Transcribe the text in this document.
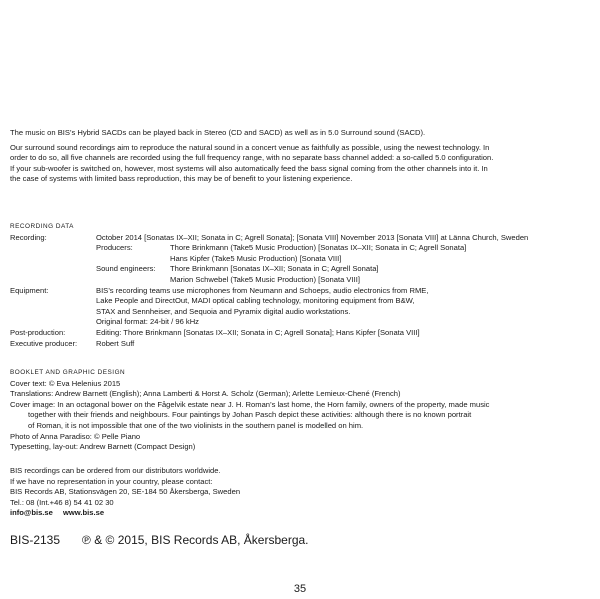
The music on BIS’s Hybrid SACDs can be played back in Stereo (CD and SACD) as well as in 5.0 Surround sound (SACD).

Our surround sound recordings aim to reproduce the natural sound in a concert venue as faithfully as possible, using the newest technology. In
order to do so, all five channels are recorded using the full frequency range, with no separate bass channel added: a so-called 5.0 configuration.
If your sub-woofer is switched on, however, most systems will also automatically feed the bass signal coming from the other channels into it. In
the case of systems with limited bass reproduction, this may be of benefit to your listening experience.

RECORDING DATA

Recording:	October 2014 [Sonatas IX–XII; Sonata in C; Agrell Sonata]; [Sonata VIII] November 2013 [Sonata VIII] at Länna Church, Sweden
Producers:	Thore Brinkmann (Take5 Music Production) [Sonatas IX–XII; Sonata in C; Agrell Sonata]
Hans Kipfer (Take5 Music Production) [Sonata VIII]
Sound engineers: Thore Brinkmann [Sonatas IX–XII; Sonata in C; Agrell Sonata]
Marion Schwebel (Take5 Music Production) [Sonata VIII]
Equipment:	BIS’s recording teams use microphones from Neumann and Schoeps, audio electronics from RME,
Lake People and DirectOut, MADI optical cabling technology, monitoring equipment from B&W,
STAX and Sennheiser, and Sequoia and Pyramix digital audio workstations.
Original format: 24-bit / 96 kHz
Post-production:	Editing: Thore Brinkmann [Sonatas IX–XII; Sonata in C; Agrell Sonata]; Hans Kipfer [Sonata VIII]
Executive producer: Robert Suff

BOOKLET AND GRAPHIC DESIGN

Cover text: © Eva Helenius 2015

Translations: Andrew Barnett (English); Anna Lamberti & Horst A. Scholz (German); Arlette Lemieux-Chené (French)

Cover image: In an octagonal bower on the Fågelvik estate near J. H. Roman’s last home, the Horn family, owners of the property, made music

together with their friends and neighbours. Four paintings by Johan Pasch depict these activities: although there is no known portrait

of Roman, it is not impossible that one of the two violinists in the southern panel is modelled on him.

Photo of Anna Paradiso: © Pelle Piano

Typesetting, lay-out: Andrew Barnett (Compact Design)

BIS recordings can be ordered from our distributors worldwide.

If we have no representation in your country, please contact:

BIS Records AB, Stationsvägen 20, SE-184 50 Åkersberga, Sweden

Tel.: 08 (Int.+46 8) 54 41 02 30

info@bis.se www.bis.se

BIS-2135 ℗ & © 2015, BIS Records AB, Åkersberga.
35
